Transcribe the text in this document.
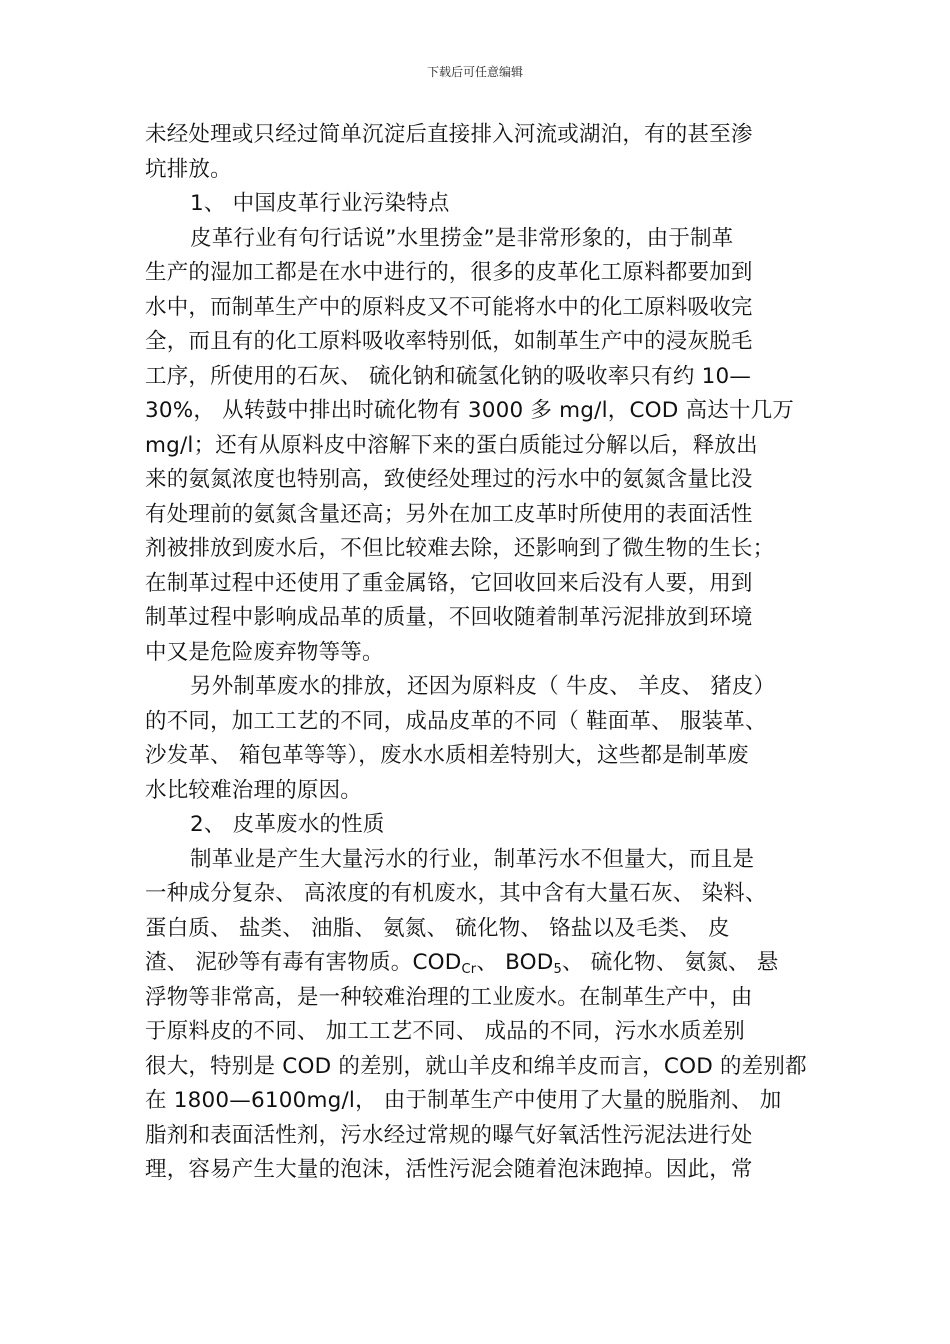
下载后可任意编辑
未经处理或只经过简单沉淀后直接排入河流或湖泊，有的甚至渗
坑排放。
1、 中国皮革行业污染特点
皮革行业有句行话说”水里捞金”是非常形象的，由于制革
生产的湿加工都是在水中进行的，很多的皮革化工原料都要加到
水中，而制革生产中的原料皮又不可能将水中的化工原料吸收完
全，而且有的化工原料吸收率特别低，如制革生产中的浸灰脱毛
工序，所使用的石灰、 硫化钠和硫氢化钠的吸收率只有约 10—
30%， 从转鼓中排出时硫化物有 3000 多 mg/l，COD 高达十几万
mg/l；还有从原料皮中溶解下来的蛋白质能过分解以后，释放出
来的氨氮浓度也特别高，致使经处理过的污水中的氨氮含量比没
有处理前的氨氮含量还高；另外在加工皮革时所使用的表面活性
剂被排放到废水后，不但比较难去除，还影响到了微生物的生长；
在制革过程中还使用了重金属铬，它回收回来后没有人要，用到
制革过程中影响成品革的质量，不回收随着制革污泥排放到环境
中又是危险废弃物等等。
另外制革废水的排放，还因为原料皮（ 牛皮、 羊皮、 猪皮）
的不同，加工工艺的不同，成品皮革的不同（ 鞋面革、 服装革、
沙发革、 箱包革等等），废水水质相差特别大，这些都是制革废
水比较难治理的原因。
2、 皮革废水的性质
制革业是产生大量污水的行业，制革污水不但量大，而且是
一种成分复杂、 高浓度的有机废水，其中含有大量石灰、 染料、
蛋白质、 盐类、 油脂、 氨氮、 硫化物、 铬盐以及毛类、 皮
渣、 泥砂等有毒有害物质。$COD_{Cr}$、 $BOD_5$、 硫化物、 氨氮、 悬
浮物等非常高，是一种较难治理的工业废水。在制革生产中，由
于原料皮的不同、 加工工艺不同、 成品的不同，污水水质差别
很大，特别是 COD 的差别，就山羊皮和绵羊皮而言，COD 的差别都
在 1800—6100mg/l， 由于制革生产中使用了大量的脱脂剂、 加
脂剂和表面活性剂，污水经过常规的曝气好氧活性污泥法进行处
理，容易产生大量的泡沫，活性污泥会随着泡沫跑掉。因此，常
